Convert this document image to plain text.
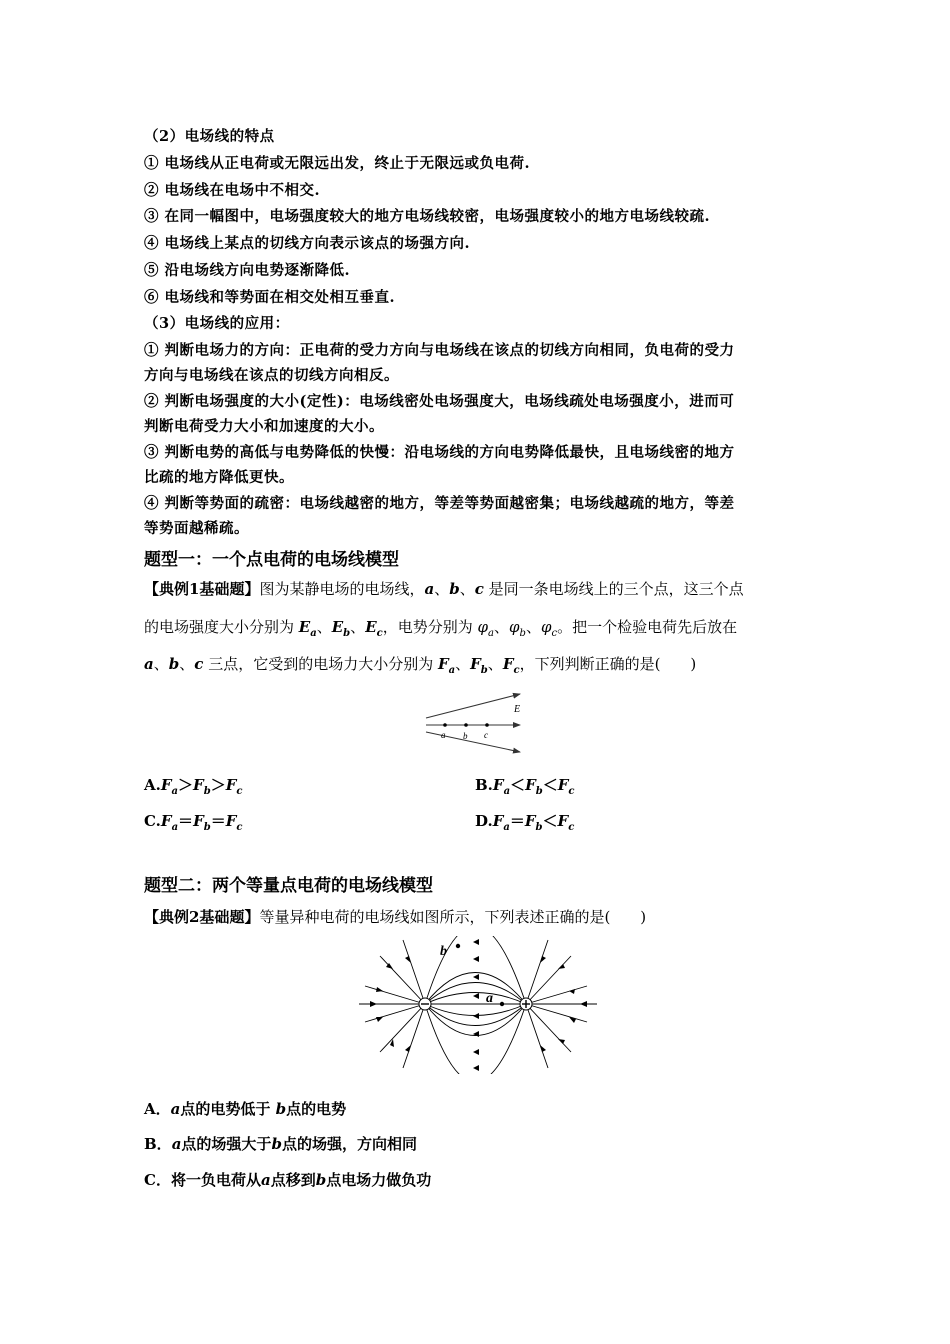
（2）电场线的特点
① 电场线从正电荷或无限远出发，终止于无限远或负电荷.
② 电场线在电场中不相交.
③ 在同一幅图中，电场强度较大的地方电场线较密，电场强度较小的地方电场线较疏.
④ 电场线上某点的切线方向表示该点的场强方向.
⑤ 沿电场线方向电势逐渐降低.
⑥ 电场线和等势面在相交处相互垂直.
（3）电场线的应用：
① 判断电场力的方向：正电荷的受力方向与电场线在该点的切线方向相同，负电荷的受力
方向与电场线在该点的切线方向相反。
② 判断电场强度的大小(定性)：电场线密处电场强度大，电场线疏处电场强度小，进而可
判断电荷受力大小和加速度的大小。
③ 判断电势的高低与电势降低的快慢：沿电场线的方向电势降低最快，且电场线密的地方
比疏的地方降低更快。
④ 判断等势面的疏密：电场线越密的地方，等差等势面越密集；电场线越疏的地方，等差
等势面越稀疏。
题型一：一个点电荷的电场线模型
【典例1基础题】图为某静电场的电场线，a、b、c 是同一条电场线上的三个点，这三个点
的电场强度大小分别为 $E_a$、$E_b$、$E_c$，电势分别为 $\varphi_a$、$\varphi_b$、$\varphi_c$。把一个检验电荷先后放在
a、b、c 三点，它受到的电场力大小分别为 $F_a$、$F_b$、$F_c$，下列判断正确的是(　　)
E
a b c
$A.F_a>F_b>F_c$	$B.F_a<F_b<F_c$
$C.F_a=F_b=F_c$	$D.F_a=F_b<F_c$
题型二：两个等量点电荷的电场线模型
【典例2基础题】等量异种电荷的电场线如图所示，下列表述正确的是(　　)
a
b
A．a点的电势低于 b点的电势
B．a点的场强大于b点的场强，方向相同
C．将一负电荷从a点移到b点电场力做负功
